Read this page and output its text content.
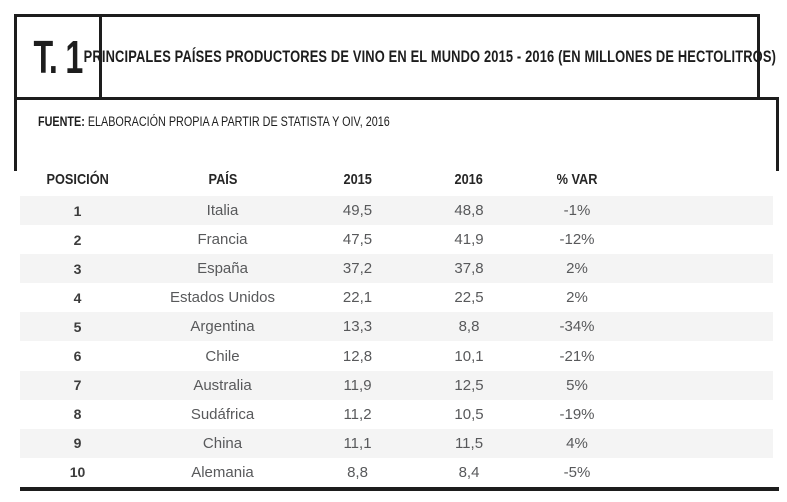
T. 1 PRINCIPALES PAÍSES PRODUCTORES DE VINO EN EL MUNDO 2015 - 2016 (EN MILLONES DE HECTOLITROS)
FUENTE: ELABORACIÓN PROPIA A PARTIR DE STATISTA Y OIV, 2016
POSICIÓN	PAÍS	2015	2016	% VAR
1	Italia	49,5	48,8	-1%
2	Francia	47,5	41,9	-12%
3	España	37,2	37,8	2%
4	Estados Unidos	22,1	22,5	2%
5	Argentina	13,3	8,8	-34%
6	Chile	12,8	10,1	-21%
7	Australia	11,9	12,5	5%
8	Sudáfrica	11,2	10,5	-19%
9	China	11,1	11,5	4%
10	Alemania	8,8	8,4	-5%
